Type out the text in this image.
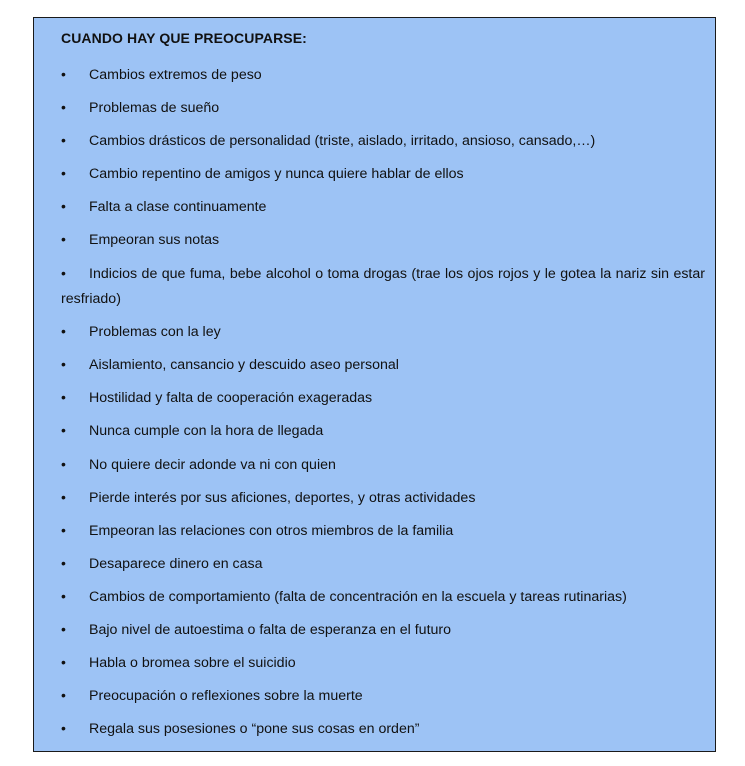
CUANDO HAY QUE PREOCUPARSE:
• Cambios extremos de peso
• Problemas de sueño
• Cambios drásticos de personalidad (triste, aislado, irritado, ansioso, cansado,…)
• Cambio repentino de amigos y nunca quiere hablar de ellos
• Falta a clase continuamente
• Empeoran sus notas
• Indicios de que fuma, bebe alcohol o toma drogas (trae los ojos rojos y le gotea la nariz sin estar resfriado)
• Problemas con la ley
• Aislamiento, cansancio y descuido aseo personal
• Hostilidad y falta de cooperación exageradas
• Nunca cumple con la hora de llegada
• No quiere decir adonde va ni con quien
• Pierde interés por sus aficiones, deportes, y otras actividades
• Empeoran las relaciones con otros miembros de la familia
• Desaparece dinero en casa
• Cambios de comportamiento (falta de concentración en la escuela y tareas rutinarias)
• Bajo nivel de autoestima o falta de esperanza en el futuro
• Habla o bromea sobre el suicidio
• Preocupación o reflexiones sobre la muerte
• Regala sus posesiones o “pone sus cosas en orden”
